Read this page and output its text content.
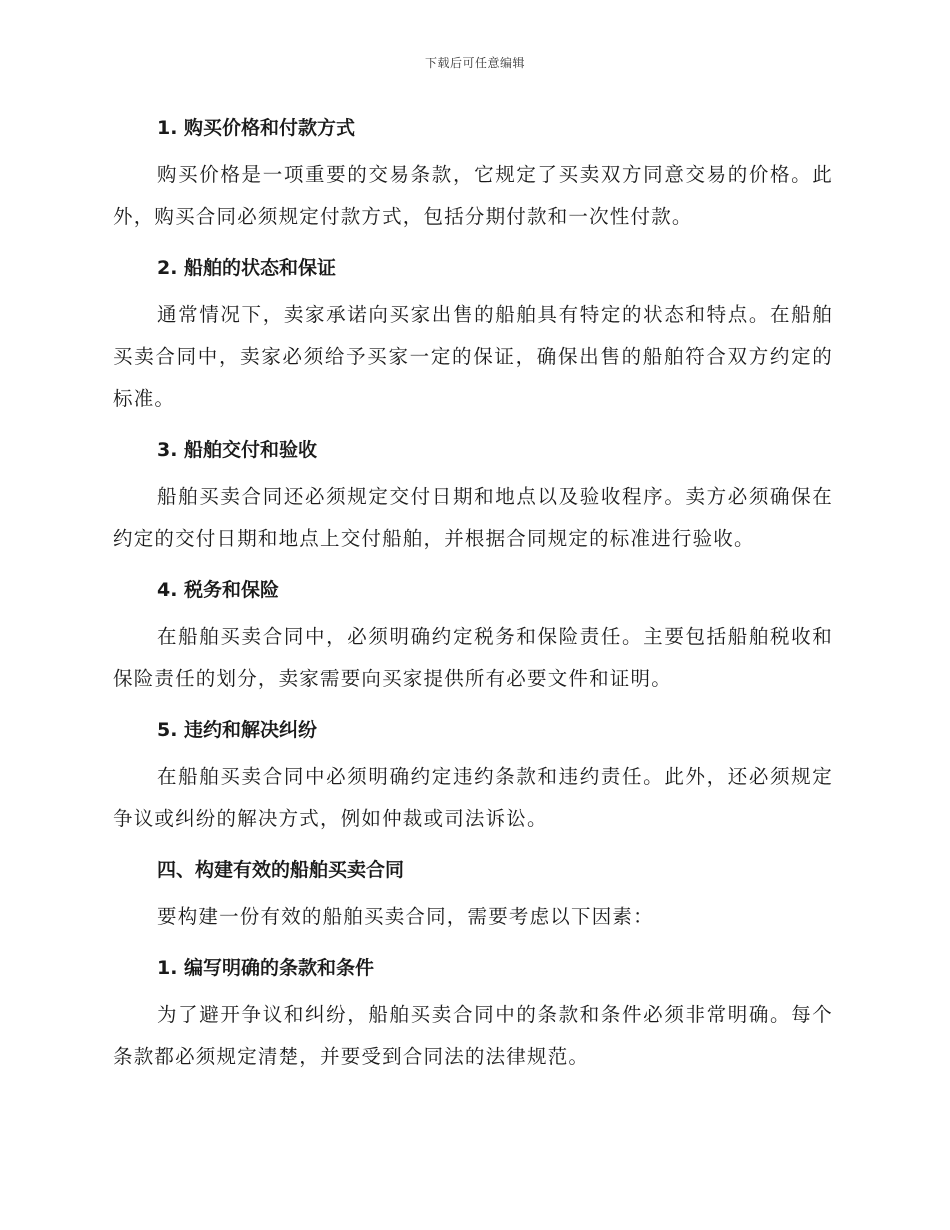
下载后可任意编辑

1. 购买价格和付款方式

购买价格是一项重要的交易条款，它规定了买卖双方同意交易的价格。此外，购买合同必须规定付款方式，包括分期付款和一次性付款。

2. 船舶的状态和保证

通常情况下，卖家承诺向买家出售的船舶具有特定的状态和特点。在船舶买卖合同中，卖家必须给予买家一定的保证，确保出售的船舶符合双方约定的标准。

3. 船舶交付和验收

船舶买卖合同还必须规定交付日期和地点以及验收程序。卖方必须确保在约定的交付日期和地点上交付船舶，并根据合同规定的标准进行验收。

4. 税务和保险

在船舶买卖合同中，必须明确约定税务和保险责任。主要包括船舶税收和保险责任的划分，卖家需要向买家提供所有必要文件和证明。

5. 违约和解决纠纷

在船舶买卖合同中必须明确约定违约条款和违约责任。此外，还必须规定争议或纠纷的解决方式，例如仲裁或司法诉讼。

四、构建有效的船舶买卖合同

要构建一份有效的船舶买卖合同，需要考虑以下因素：

1. 编写明确的条款和条件

为了避开争议和纠纷，船舶买卖合同中的条款和条件必须非常明确。每个条款都必须规定清楚，并要受到合同法的法律规范。
